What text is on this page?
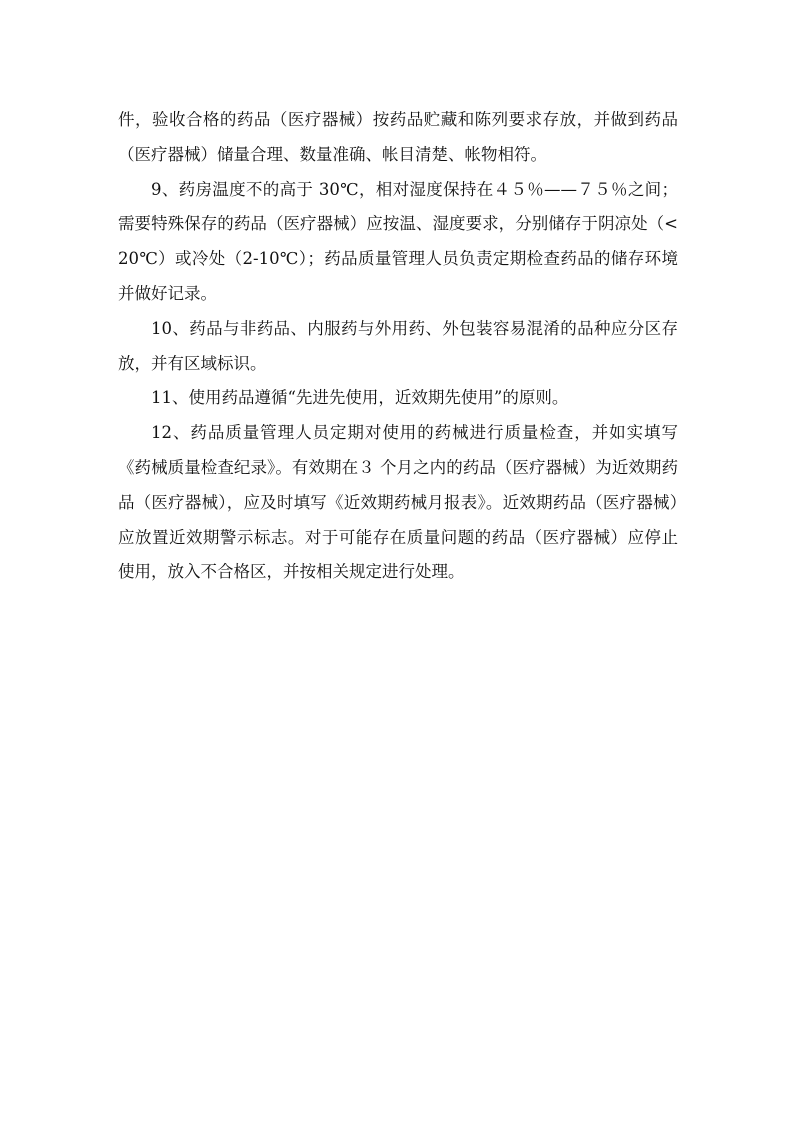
件，验收合格的药品（医疗器械）按药品贮藏和陈列要求存放，并做到药品（医疗器械）储量合理、数量准确、帐目清楚、帐物相符。

9、药房温度不的高于 30℃，相对湿度保持在４５％——７５％之间；需要特殊保存的药品（医疗器械）应按温、湿度要求，分别储存于阴凉处（<20℃）或冷处（2-10℃）；药品质量管理人员负责定期检查药品的储存环境并做好记录。

10、药品与非药品、内服药与外用药、外包装容易混淆的品种应分区存放，并有区域标识。

11、使用药品遵循“先进先使用，近效期先使用”的原则。

12、药品质量管理人员定期对使用的药械进行质量检查，并如实填写《药械质量检查纪录》。有效期在３ 个月之内的药品（医疗器械）为近效期药品（医疗器械），应及时填写《近效期药械月报表》。近效期药品（医疗器械）应放置近效期警示标志。对于可能存在质量问题的药品（医疗器械）应停止使用，放入不合格区，并按相关规定进行处理。
